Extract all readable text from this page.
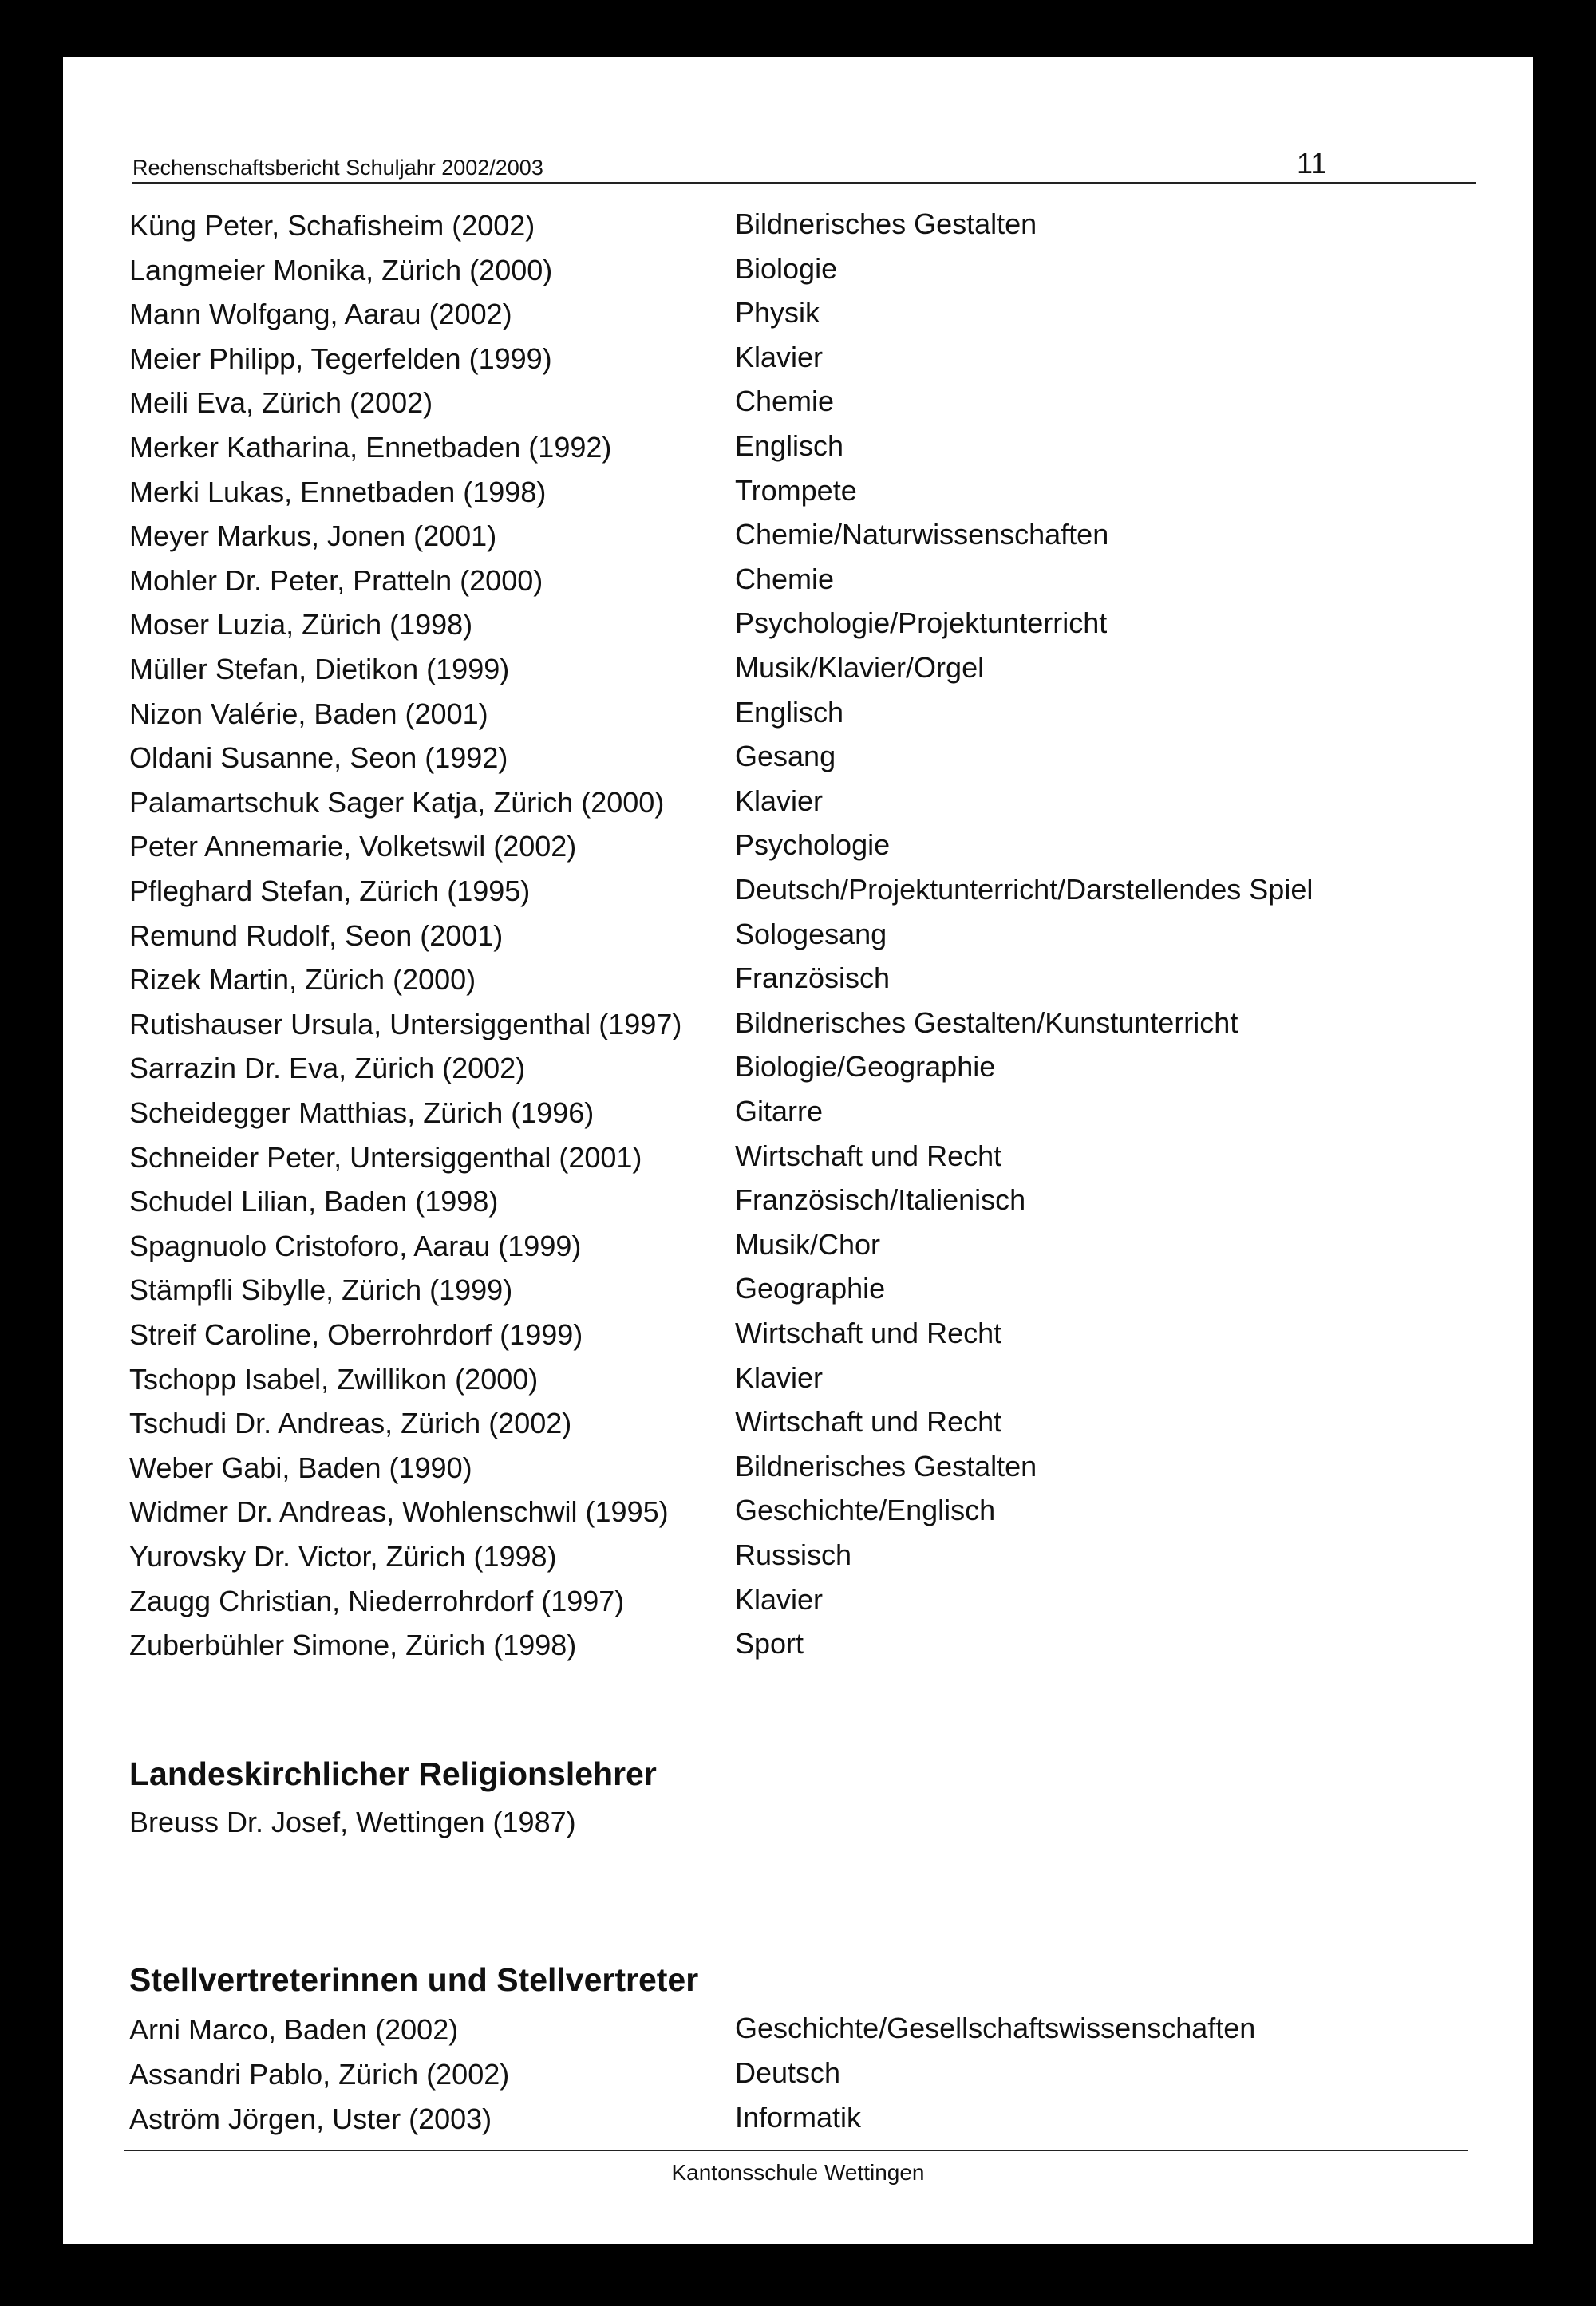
Rechenschaftsbericht Schuljahr 2002/2003	11
Küng Peter, Schafisheim (2002)	Bildnerisches Gestalten
Langmeier Monika, Zürich (2000)	Biologie
Mann Wolfgang, Aarau (2002)	Physik
Meier Philipp, Tegerfelden (1999)	Klavier
Meili Eva, Zürich (2002)	Chemie
Merker Katharina, Ennetbaden (1992)	Englisch
Merki Lukas, Ennetbaden (1998)	Trompete
Meyer Markus, Jonen (2001)	Chemie/Naturwissenschaften
Mohler Dr. Peter, Pratteln (2000)	Chemie
Moser Luzia, Zürich (1998)	Psychologie/Projektunterricht
Müller Stefan, Dietikon (1999)	Musik/Klavier/Orgel
Nizon Valérie, Baden (2001)	Englisch
Oldani Susanne, Seon (1992)	Gesang
Palamartschuk Sager Katja, Zürich (2000) Klavier
Peter Annemarie, Volketswil (2002)	Psychologie
Pfleghard Stefan, Zürich (1995)	Deutsch/Projektunterricht/Darstellendes Spiel
Remund Rudolf, Seon (2001)	Sologesang
Rizek Martin, Zürich (2000)	Französisch
Rutishauser Ursula, Untersiggenthal (1997) Bildnerisches Gestalten/Kunstunterricht
Sarrazin Dr. Eva, Zürich (2002)	Biologie/Geographie
Scheidegger Matthias, Zürich (1996)	Gitarre
Schneider Peter, Untersiggenthal (2001)	Wirtschaft und Recht
Schudel Lilian, Baden (1998)	Französisch/Italienisch
Spagnuolo Cristoforo, Aarau (1999)	Musik/Chor
Stämpfli Sibylle, Zürich (1999)	Geographie
Streif Caroline, Oberrohrdorf (1999)	Wirtschaft und Recht
Tschopp Isabel, Zwillikon (2000)	Klavier
Tschudi Dr. Andreas, Zürich (2002)	Wirtschaft und Recht
Weber Gabi, Baden (1990)	Bildnerisches Gestalten
Widmer Dr. Andreas, Wohlenschwil (1995) Geschichte/Englisch
Yurovsky Dr. Victor, Zürich (1998)	Russisch
Zaugg Christian, Niederrohrdorf (1997)	Klavier
Zuberbühler Simone, Zürich (1998)	Sport
Landeskirchlicher Religionslehrer
Breuss Dr. Josef, Wettingen (1987)
Stellvertreterinnen und Stellvertreter
Arni Marco, Baden (2002)	Geschichte/Gesellschaftswissenschaften
Assandri Pablo, Zürich (2002)	Deutsch
Aström Jörgen, Uster (2003)	Informatik
Kantonsschule Wettingen
